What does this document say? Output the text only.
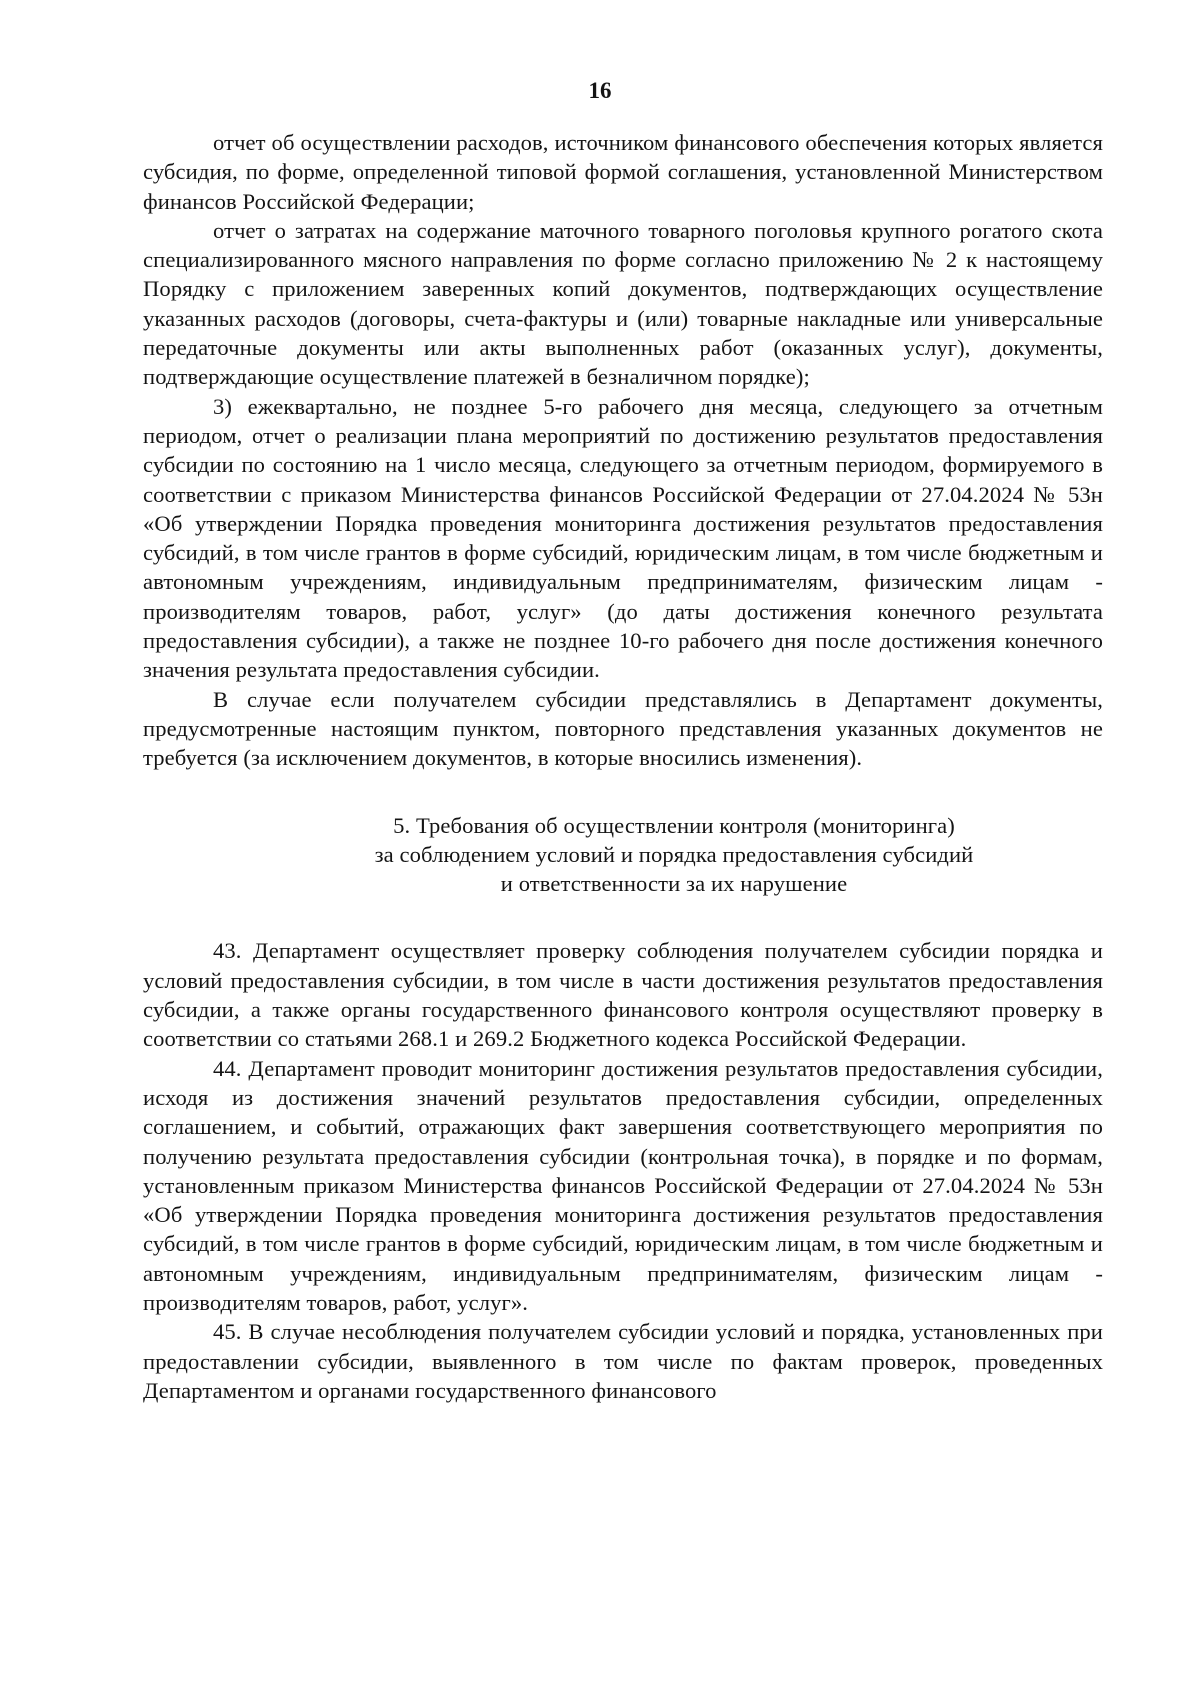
16

отчет об осуществлении расходов, источником финансового обеспечения которых является субсидия, по форме, определенной типовой формой соглашения, установленной Министерством финансов Российской Федерации;

отчет о затратах на содержание маточного товарного поголовья крупного рогатого скота специализированного мясного направления по форме согласно приложению № 2 к настоящему Порядку с приложением заверенных копий документов, подтверждающих осуществление указанных расходов (договоры, счета-фактуры и (или) товарные накладные или универсальные передаточные документы или акты выполненных работ (оказанных услуг), документы, подтверждающие осуществление платежей в безналичном порядке);

3) ежеквартально, не позднее 5-го рабочего дня месяца, следующего за отчетным периодом, отчет о реализации плана мероприятий по достижению результатов предоставления субсидии по состоянию на 1 число месяца, следующего за отчетным периодом, формируемого в соответствии с приказом Министерства финансов Российской Федерации от 27.04.2024 № 53н «Об утверждении Порядка проведения мониторинга достижения результатов предоставления субсидий, в том числе грантов в форме субсидий, юридическим лицам, в том числе бюджетным и автономным учреждениям, индивидуальным предпринимателям, физическим лицам - производителям товаров, работ, услуг» (до даты достижения конечного результата предоставления субсидии), а также не позднее 10-го рабочего дня после достижения конечного значения результата предоставления субсидии.

В случае если получателем субсидии представлялись в Департамент документы, предусмотренные настоящим пунктом, повторного представления указанных документов не требуется (за исключением документов, в которые вносились изменения).

5. Требования об осуществлении контроля (мониторинга)
за соблюдением условий и порядка предоставления субсидий
и ответственности за их нарушение

43. Департамент осуществляет проверку соблюдения получателем субсидии порядка и условий предоставления субсидии, в том числе в части достижения результатов предоставления субсидии, а также органы государственного финансового контроля осуществляют проверку в соответствии со статьями 268.1 и 269.2 Бюджетного кодекса Российской Федерации.

44. Департамент проводит мониторинг достижения результатов предоставления субсидии, исходя из достижения значений результатов предоставления субсидии, определенных соглашением, и событий, отражающих факт завершения соответствующего мероприятия по получению результата предоставления субсидии (контрольная точка), в порядке и по формам, установленным приказом Министерства финансов Российской Федерации от 27.04.2024 № 53н «Об утверждении Порядка проведения мониторинга достижения результатов предоставления субсидий, в том числе грантов в форме субсидий, юридическим лицам, в том числе бюджетным и автономным учреждениям, индивидуальным предпринимателям, физическим лицам - производителям товаров, работ, услуг».

45. В случае несоблюдения получателем субсидии условий и порядка, установленных при предоставлении субсидии, выявленного в том числе по фактам проверок, проведенных Департаментом и органами государственного финансового
